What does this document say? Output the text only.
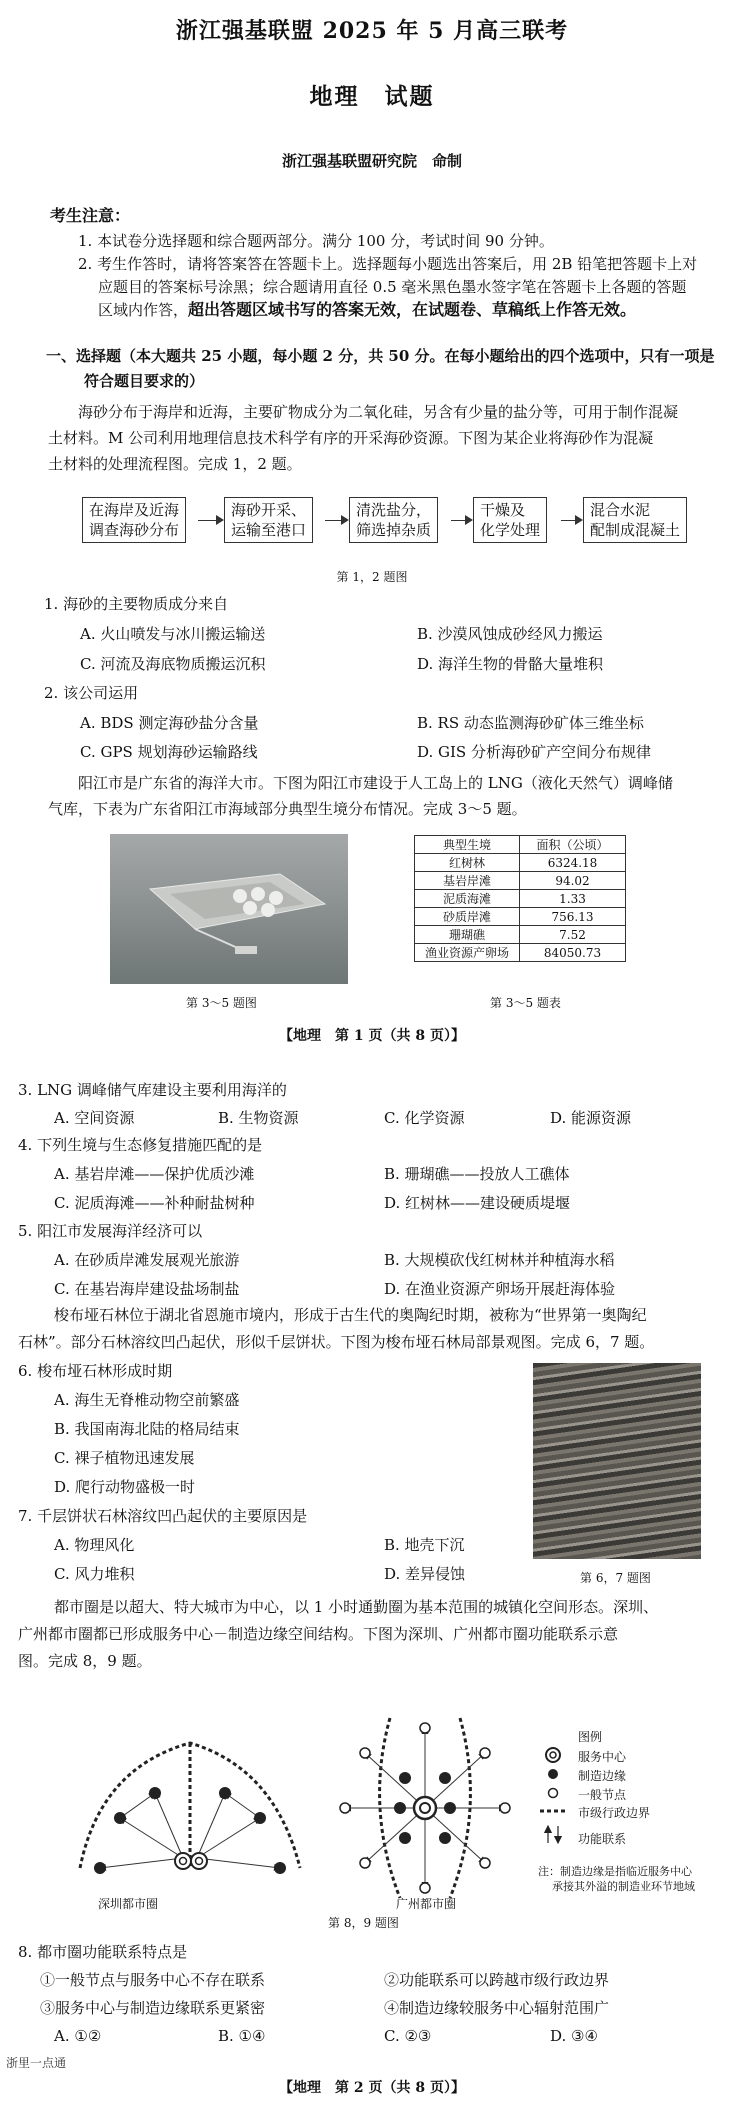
浙江强基联盟 2025 年 5 月高三联考
地理　试题
浙江强基联盟研究院　命制
考生注意：
1. 本试卷分选择题和综合题两部分。满分 100 分，考试时间 90 分钟。
2. 考生作答时，请将答案答在答题卡上。选择题每小题选出答案后，用 2B 铅笔把答题卡上对
应题目的答案标号涂黑；综合题请用直径 0.5 毫米黑色墨水签字笔在答题卡上各题的答题
区域内作答，超出答题区域书写的答案无效，在试题卷、草稿纸上作答无效。
一、选择题（本大题共 25 小题，每小题 2 分，共 50 分。在每小题给出的四个选项中，只有一项是
符合题目要求的）
海砂分布于海岸和近海，主要矿物成分为二氧化硅，另含有少量的盐分等，可用于制作混凝
土材料。M 公司利用地理信息技术科学有序的开采海砂资源。下图为某企业将海砂作为混凝
土材料的处理流程图。完成 1，2 题。
在海岸及近海
调查海砂分布
海砂开采、
运输至港口
清洗盐分，
筛选掉杂质
干燥及
化学处理
混合水泥
配制成混凝土
第 1，2 题图
1. 海砂的主要物质成分来自
A. 火山喷发与冰川搬运输送	B. 沙漠风蚀成砂经风力搬运
C. 河流及海底物质搬运沉积	D. 海洋生物的骨骼大量堆积
2. 该公司运用
A. BDS 测定海砂盐分含量	B. RS 动态监测海砂矿体三维坐标
C. GPS 规划海砂运输路线	D. GIS 分析海砂矿产空间分布规律
阳江市是广东省的海洋大市。下图为阳江市建设于人工岛上的 LNG（液化天然气）调峰储
气库，下表为广东省阳江市海域部分典型生境分布情况。完成 3～5 题。
典型生境	面积（公顷）
红树林	6324.18
基岩岸滩	94.02
泥质海滩	1.33
砂质岸滩	756.13
珊瑚礁	7.52
渔业资源产卵场	84050.73
第 3～5 题图	第 3～5 题表
【地理　第 1 页（共 8 页）】
3. LNG 调峰储气库建设主要利用海洋的
A. 空间资源	B. 生物资源	C. 化学资源	D. 能源资源
4. 下列生境与生态修复措施匹配的是
A. 基岩岸滩——保护优质沙滩	B. 珊瑚礁——投放人工礁体
C. 泥质海滩——补种耐盐树种	D. 红树林——建设硬质堤堰
5. 阳江市发展海洋经济可以
A. 在砂质岸滩发展观光旅游	B. 大规模砍伐红树林并种植海水稻
C. 在基岩海岸建设盐场制盐	D. 在渔业资源产卵场开展赶海体验
梭布垭石林位于湖北省恩施市境内，形成于古生代的奥陶纪时期，被称为“世界第一奥陶纪
石林”。部分石林溶纹凹凸起伏，形似千层饼状。下图为梭布垭石林局部景观图。完成 6，7 题。
6. 梭布垭石林形成时期
A. 海生无脊椎动物空前繁盛
B. 我国南海北陆的格局结束
C. 裸子植物迅速发展
D. 爬行动物盛极一时
7. 千层饼状石林溶纹凹凸起伏的主要原因是
A. 物理风化	B. 地壳下沉
C. 风力堆积	D. 差异侵蚀	第 6，7 题图
都市圈是以超大、特大城市为中心，以 1 小时通勤圈为基本范围的城镇化空间形态。深圳、
广州都市圈都已形成服务中心－制造边缘空间结构。下图为深圳、广州都市圈功能联系示意
图。完成 8，9 题。
深圳都市圈	广州都市圈
图例
服务中心
制造边缘
一般节点
市级行政边界
功能联系
注：制造边缘是指临近服务中心
承接其外溢的制造业环节地域
第 8，9 题图
8. 都市圈功能联系特点是
①一般节点与服务中心不存在联系	②功能联系可以跨越市级行政边界
③服务中心与制造边缘联系更紧密	④制造边缘较服务中心辐射范围广
A. ①②	B. ①④	C. ②③	D. ③④
浙里一点通
【地理　第 2 页（共 8 页）】
